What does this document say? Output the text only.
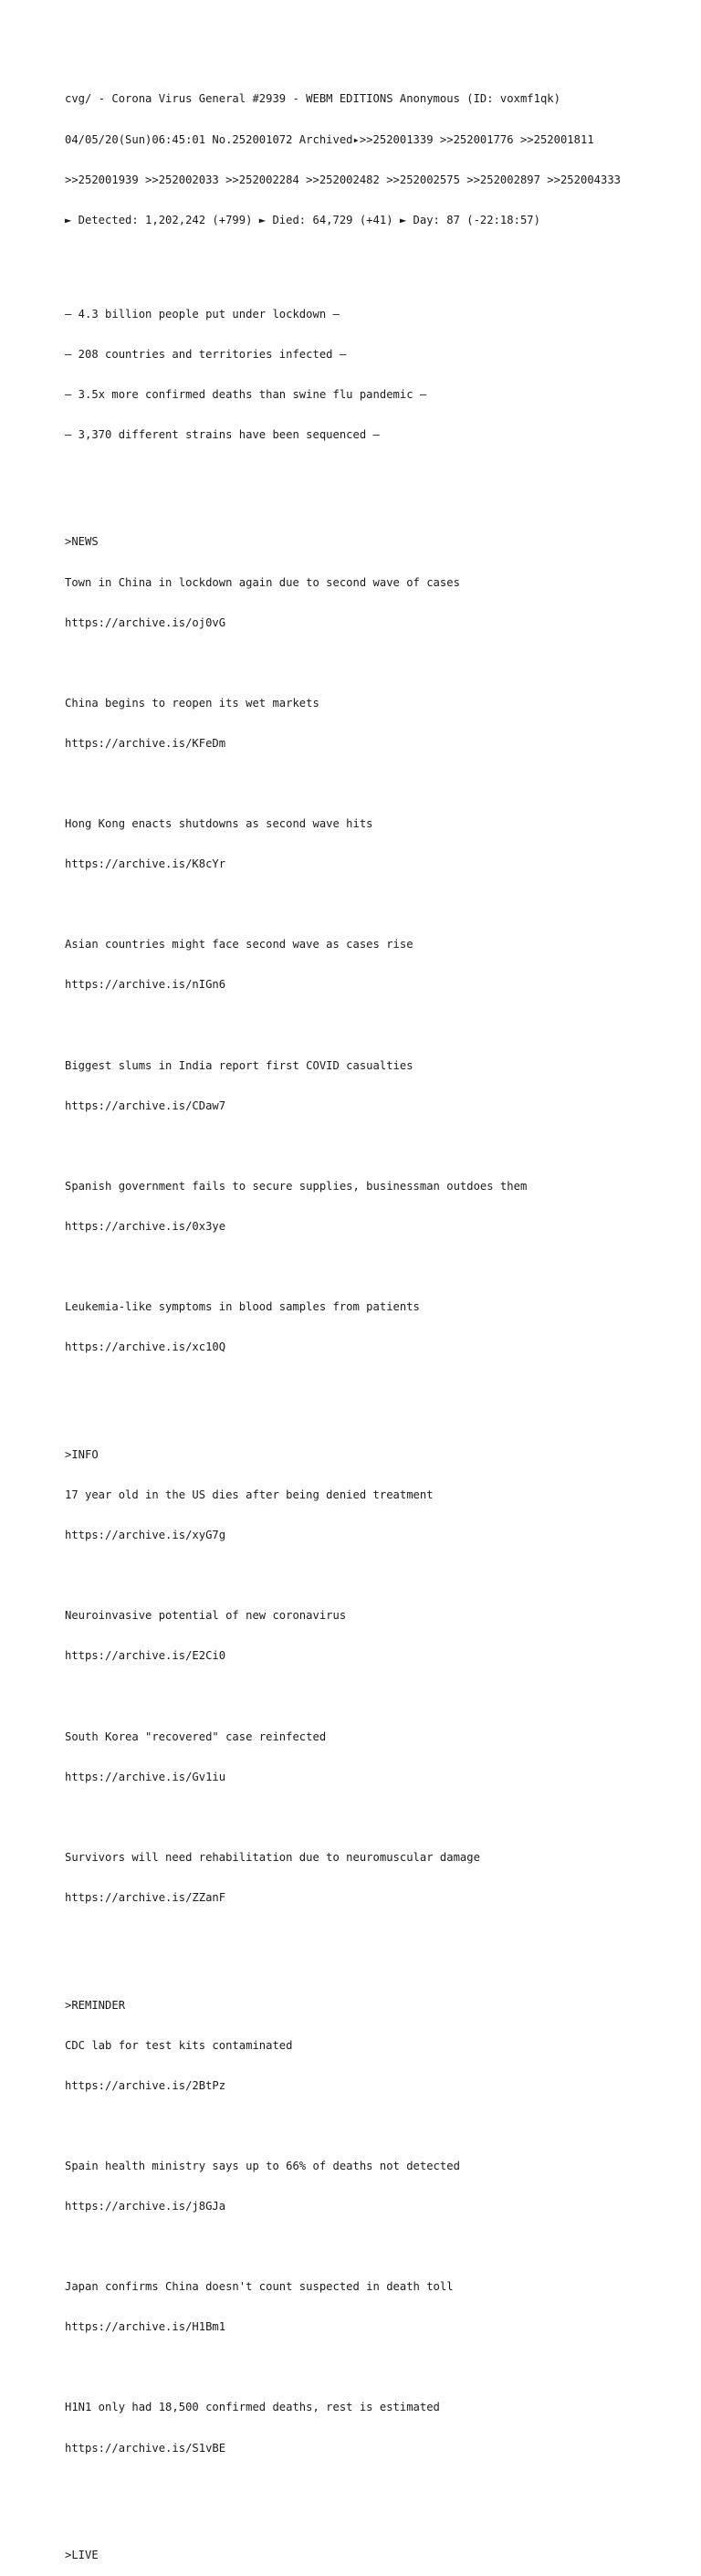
cvg/ - Corona Virus General #2939 - WEBM EDITIONS Anonymous (ID: voxmf1qk)

04/05/20(Sun)06:45:01 No.252001072 Archived▸>>252001339 >>252001776 >>252001811

>>252001939 >>252002033 >>252002284 >>252002482 >>252002575 >>252002897 >>252004333

► Detected: 1,202,242 (+799) ► Died: 64,729 (+41) ► Day: 87 (-22:18:57)

— 4.3 billion people put under lockdown —

— 208 countries and territories infected —

— 3.5x more confirmed deaths than swine flu pandemic —

— 3,370 different strains have been sequenced —

>NEWS

Town in China in lockdown again due to second wave of cases

https://archive.is/oj0vG

China begins to reopen its wet markets

https://archive.is/KFeDm

Hong Kong enacts shutdowns as second wave hits

https://archive.is/K8cYr

Asian countries might face second wave as cases rise

https://archive.is/nIGn6

Biggest slums in India report first COVID casualties

https://archive.is/CDaw7

Spanish government fails to secure supplies, businessman outdoes them

https://archive.is/0x3ye

Leukemia-like symptoms in blood samples from patients

https://archive.is/xc10Q

>INFO

17 year old in the US dies after being denied treatment

https://archive.is/xyG7g

Neuroinvasive potential of new coronavirus

https://archive.is/E2Ci0

South Korea "recovered" case reinfected

https://archive.is/Gv1iu

Survivors will need rehabilitation due to neuromuscular damage

https://archive.is/ZZanF

>REMINDER

CDC lab for test kits contaminated

https://archive.is/2BtPz

Spain health ministry says up to 66% of deaths not detected

https://archive.is/j8GJa

Japan confirms China doesn't count suspected in death toll

https://archive.is/H1Bm1

H1N1 only had 18,500 confirmed deaths, rest is estimated

https://archive.is/S1vBE

>LIVE
